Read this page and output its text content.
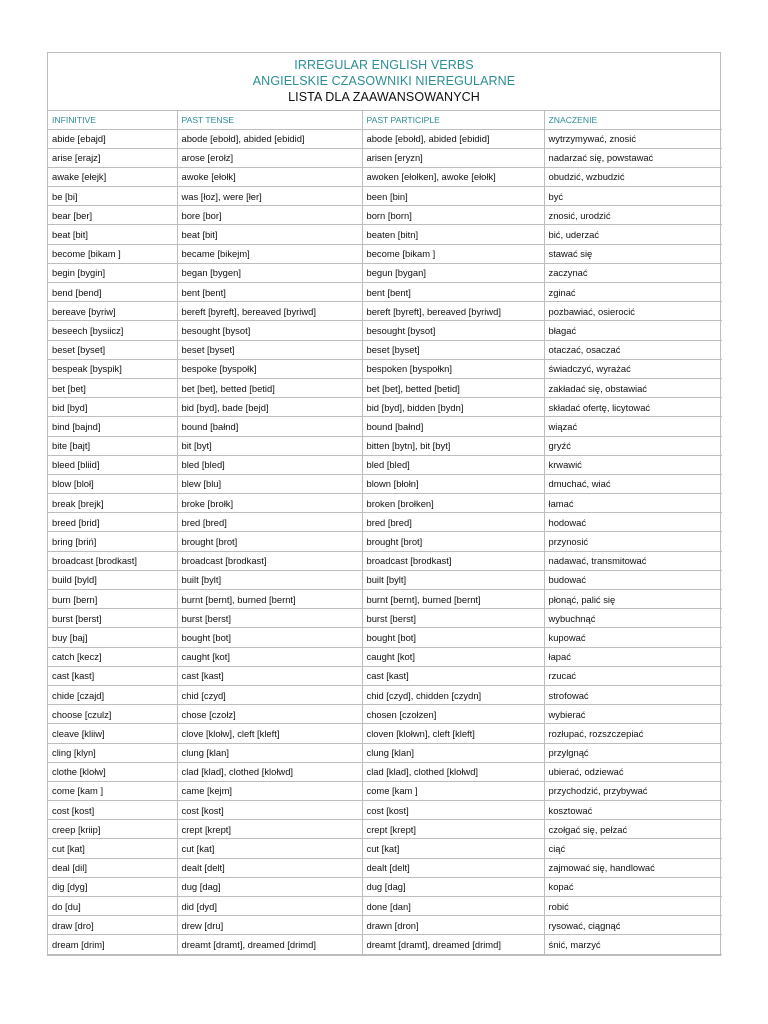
IRREGULAR ENGLISH VERBS
ANGIELSKIE CZASOWNIKI NIEREGULARNE
LISTA DLA ZAAWANSOWANYCH
INFINITIVE	PAST TENSE	PAST PARTICIPLE	ZNACZENIE
abide [ebajd]	abode [ebołd], abided [ebidid]	abode [ebołd], abided [ebidid]	wytrzymywać, znosić
arise [erajz]	arose [erołz]	arisen [eryzn]	nadarzać się, powstawać
awake [ełejk]	awoke [ełołk]	awoken [ełołken], awoke [ełołk]	obudzić, wzbudzić
be [bi]	was [łoz], were [łer]	been [bin]	być
bear [ber]	bore [bor]	born [born]	znosić, urodzić
beat [bit]	beat [bit]	beaten [bitn]	bić, uderzać
become [bikam ]	became [bikejm]	become [bikam ]	stawać się
begin [bygin]	began [bygen]	begun [bygan]	zaczynać
bend [bend]	bent [bent]	bent [bent]	zginać
bereave [byriw]	bereft [byreft], bereaved [byriwd]	bereft [byreft], bereaved [byriwd]	pozbawiać, osierocić
beseech [bysiicz]	besought [bysot]	besought [bysot]	błagać
beset [byset]	beset [byset]	beset [byset]	otaczać, osaczać
bespeak [byspik]	bespoke [byspołk]	bespoken [byspołkn]	świadczyć, wyrażać
bet [bet]	bet [bet], betted [betid]	bet [bet], betted [betid]	zakładać się, obstawiać
bid [byd]	bid [byd], bade [bejd]	bid [byd], bidden [bydn]	składać ofertę, licytować
bind [bajnd]	bound [bałnd]	bound [bałnd]	wiązać
bite [bajt]	bit [byt]	bitten [bytn], bit [byt]	gryźć
bleed [bliid]	bled [bled]	bled [bled]	krwawić
blow [bloł]	blew [blu]	blown [błołn]	dmuchać, wiać
break [brejk]	broke [brołk]	broken [brołken]	łamać
breed [brid]	bred [bred]	bred [bred]	hodować
bring [briń]	brought [brot]	brought [brot]	przynosić
broadcast [brodkast]	broadcast [brodkast]	broadcast [brodkast]	nadawać, transmitować
build [byld]	built [bylt]	built [bylt]	budować
burn [bern]	burnt [bernt], burned [bernt]	burnt [bernt], burned [bernt]	płonąć, palić się
burst [berst]	burst [berst]	burst [berst]	wybuchnąć
buy [baj]	bought [bot]	bought [bot]	kupować
catch [kecz]	caught [kot]	caught [kot]	łapać
cast [kast]	cast [kast]	cast [kast]	rzucać
chide [czajd]	chid [czyd]	chid [czyd], chidden [czydn]	strofować
choose [czulz]	chose [czołz]	chosen [czołzen]	wybierać
cleave [kliiw]	clove [klołw], cleft [kleft]	cloven [klołwn], cleft [kleft]	rozłupać, rozszczepiać
cling [klyn]	clung [klan]	clung [klan]	przylgnąć
clothe [klołw]	clad [klad], clothed [klołwd]	clad [klad], clothed [klołwd]	ubierać, odziewać
come [kam ]	came [kejm]	come [kam ]	przychodzić, przybywać
cost [kost]	cost [kost]	cost [kost]	kosztować
creep [kriip]	crept [krept]	crept [krept]	czołgać się, pełzać
cut [kat]	cut [kat]	cut [kat]	ciąć
deal [dil]	dealt [delt]	dealt [delt]	zajmować się, handlować
dig [dyg]	dug [dag]	dug [dag]	kopać
do [du]	did [dyd]	done [dan]	robić
draw [dro]	drew [dru]	drawn [dron]	rysować, ciągnąć
dream [drim]	dreamt [dramt], dreamed [drimd]	dreamt [dramt], dreamed [drimd]	śnić, marzyć
